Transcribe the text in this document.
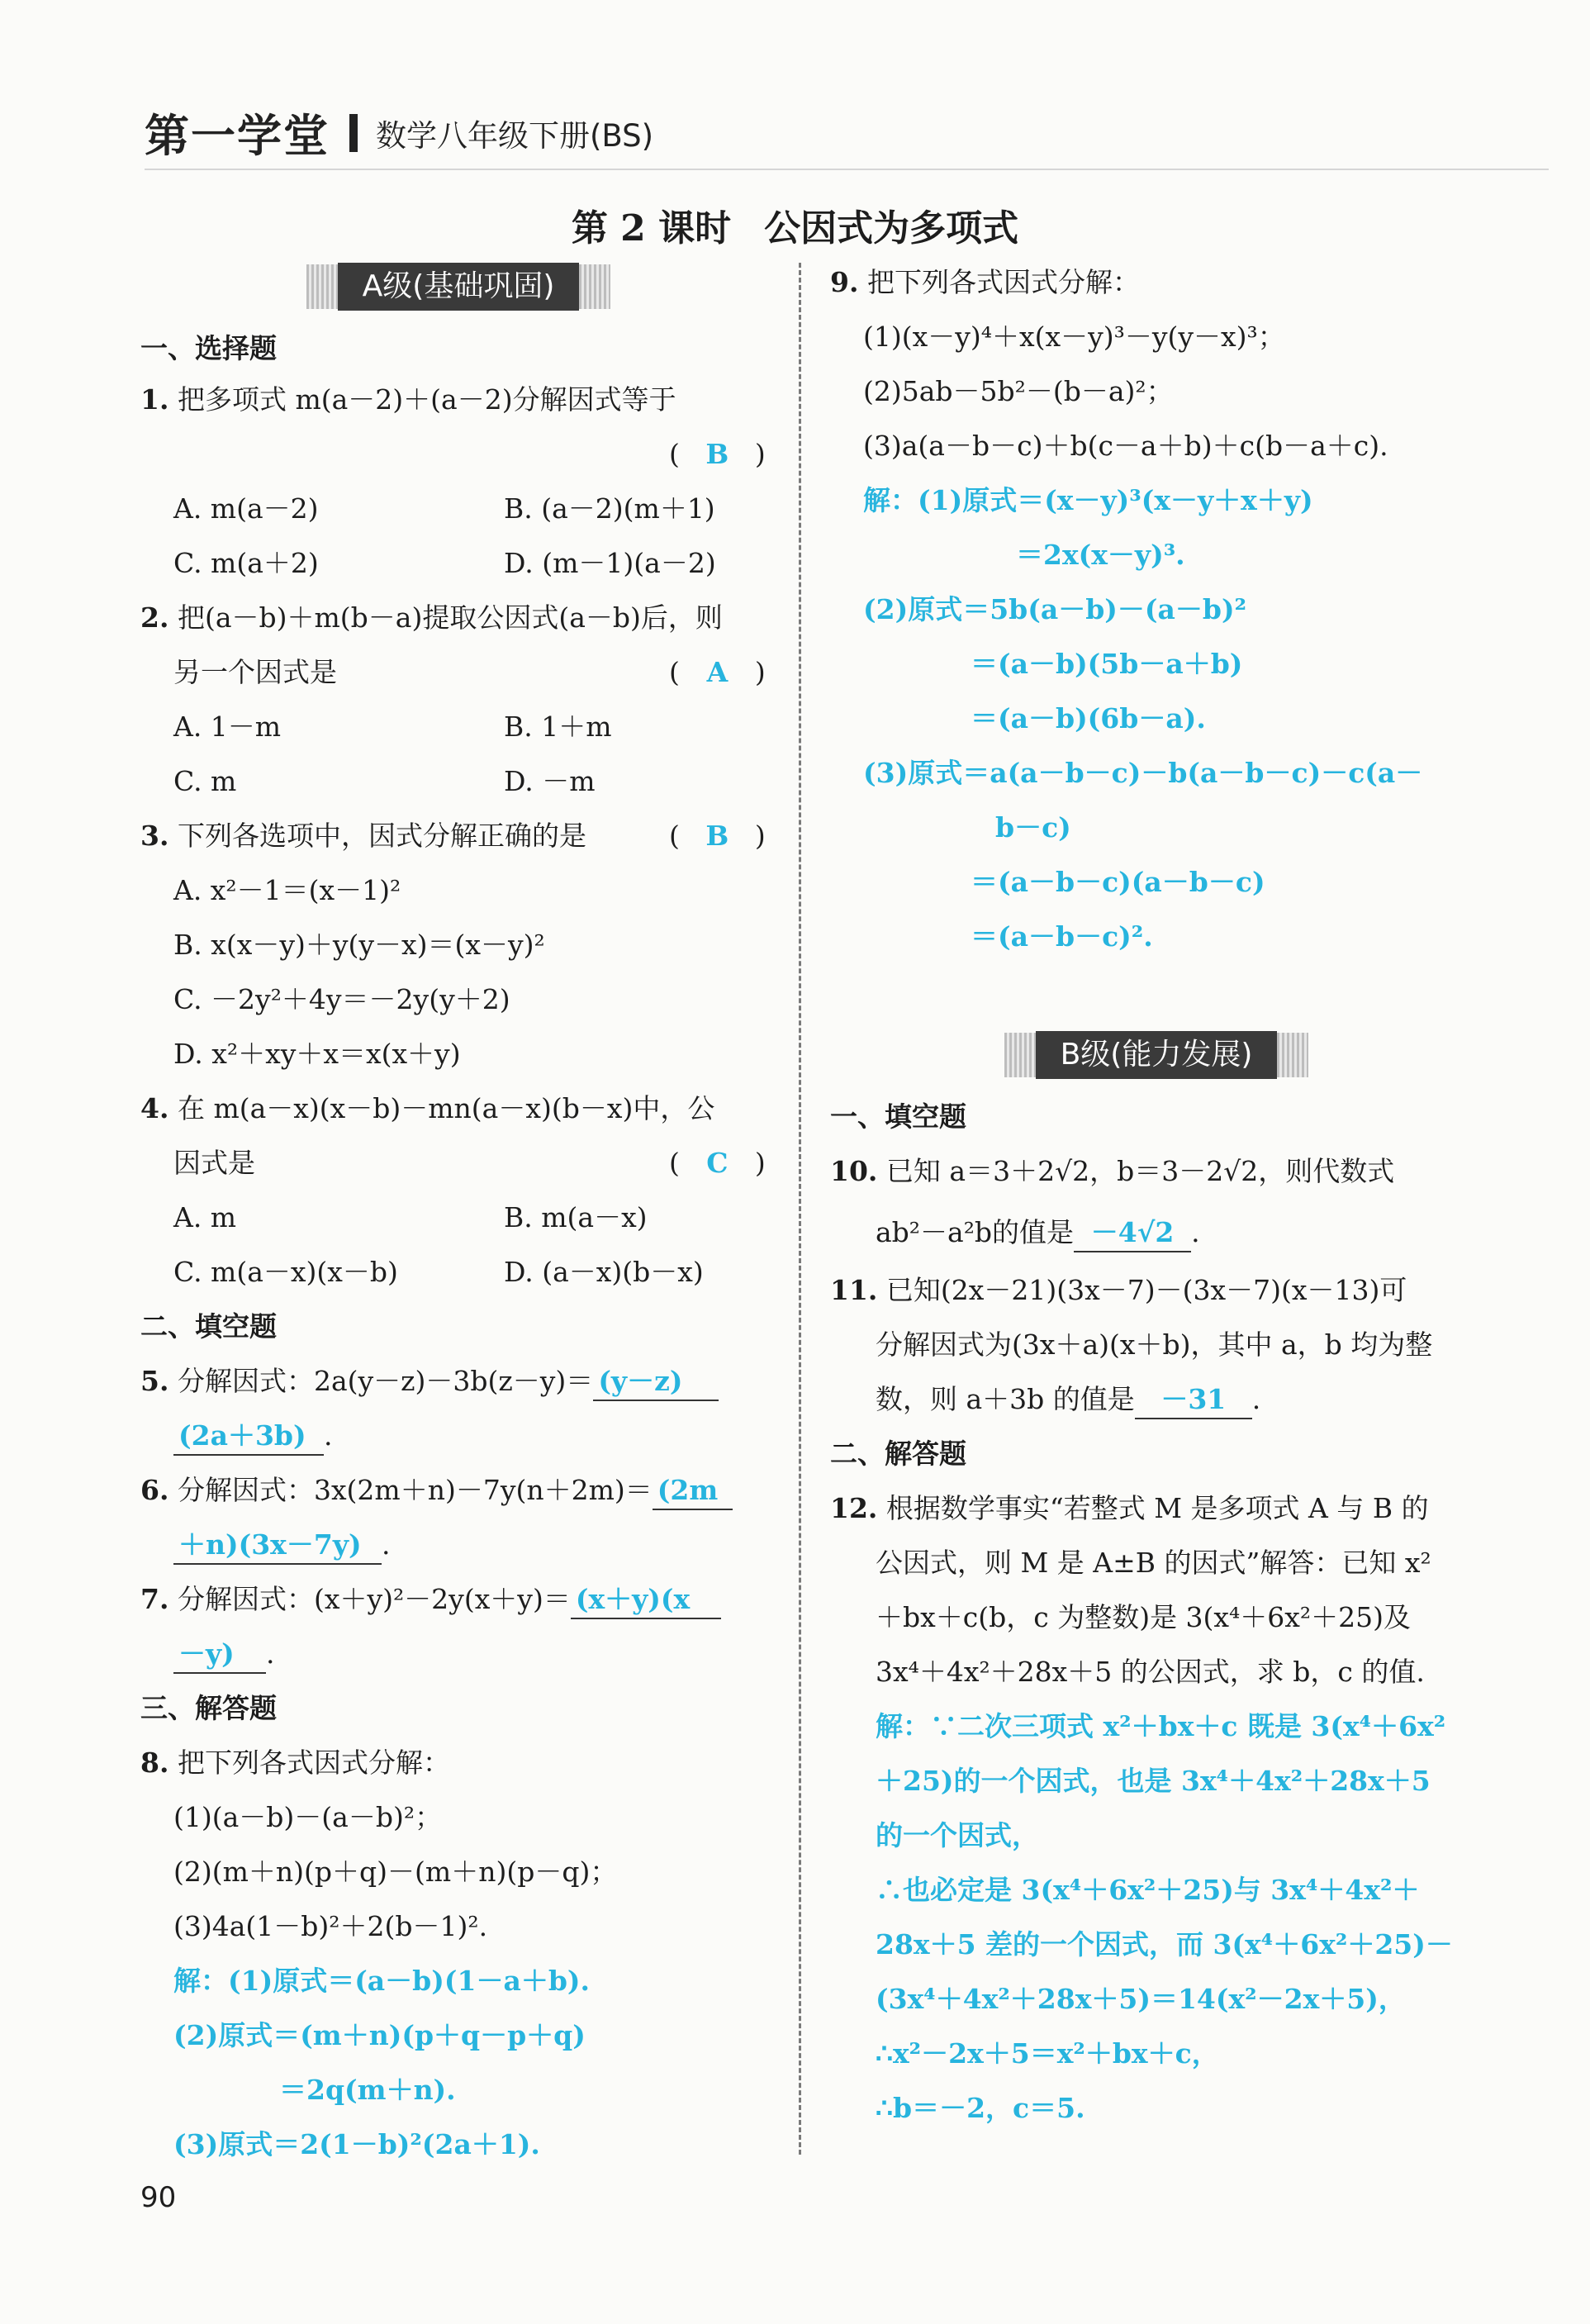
第一学堂 数学八年级下册(BS)
第 2 课时 公因式为多项式
A级(基础巩固)
一、选择题
1. 把多项式 m(a－2)＋(a－2)分解因式等于
( B )
A. m(a－2)	B. (a－2)(m＋1)
C. m(a＋2)	D. (m－1)(a－2)
2. 把(a－b)＋m(b－a)提取公因式(a－b)后，则
另一个因式是	( A )
A. 1－m	B. 1＋m
C. m	D. －m
3. 下列各选项中，因式分解正确的是	( B )
A. x²－1＝(x－1)²
B. x(x－y)＋y(y－x)＝(x－y)²
C. －2y²＋4y＝－2y(y＋2)
D. x²＋xy＋x＝x(x＋y)
4. 在 m(a－x)(x－b)－mn(a－x)(b－x)中，公
因式是	( C )
A. m	B. m(a－x)
C. m(a－x)(x－b)	D. (a－x)(b－x)
二、填空题
5. 分解因式：2a(y－z)－3b(z－y)＝ (y－z)
(2a＋3b) .
6. 分解因式：3x(2m＋n)－7y(n＋2m)＝ (2m
＋n)(3x－7y) .
7. 分解因式：(x＋y)²－2y(x＋y)＝ (x＋y)(x
－y) .
三、解答题
8. 把下列各式因式分解：
(1)(a－b)－(a－b)²；
(2)(m＋n)(p＋q)－(m＋n)(p－q)；
(3)4a(1－b)²＋2(b－1)².
解：(1)原式＝(a－b)(1－a＋b).
(2)原式＝(m＋n)(p＋q－p＋q)
＝2q(m＋n).
(3)原式＝2(1－b)²(2a＋1).
9. 把下列各式因式分解：
(1)(x－y)⁴＋x(x－y)³－y(y－x)³；
(2)5ab－5b²－(b－a)²；
(3)a(a－b－c)＋b(c－a＋b)＋c(b－a＋c).
解：(1)原式＝(x－y)³(x－y＋x＋y)
＝2x(x－y)³.
(2)原式＝5b(a－b)－(a－b)²
＝(a－b)(5b－a＋b)
＝(a－b)(6b－a).
(3)原式＝a(a－b－c)－b(a－b－c)－c(a－
b－c)
＝(a－b－c)(a－b－c)
＝(a－b－c)².
B级(能力发展)
一、填空题
10. 已知 a＝3＋2√2，b＝3－2√2，则代数式
ab²－a²b的值是 －4√2 .
11. 已知(2x－21)(3x－7)－(3x－7)(x－13)可
分解因式为(3x＋a)(x＋b)，其中 a，b 均为整
数，则 a＋3b 的值是 －31 .
二、解答题
12. 根据数学事实“若整式 M 是多项式 A 与 B 的
公因式，则 M 是 A±B 的因式”解答：已知 x²
＋bx＋c(b，c 为整数)是 3(x⁴＋6x²＋25)及
3x⁴＋4x²＋28x＋5 的公因式，求 b，c 的值.
解：∵二次三项式 x²＋bx＋c 既是 3(x⁴＋6x²
＋25)的一个因式，也是 3x⁴＋4x²＋28x＋5
的一个因式，
∴也必定是 3(x⁴＋6x²＋25)与 3x⁴＋4x²＋
28x＋5 差的一个因式，而 3(x⁴＋6x²＋25)－
(3x⁴＋4x²＋28x＋5)＝14(x²－2x＋5)，
∴x²－2x＋5＝x²＋bx＋c，
∴b＝－2，c＝5.
90
